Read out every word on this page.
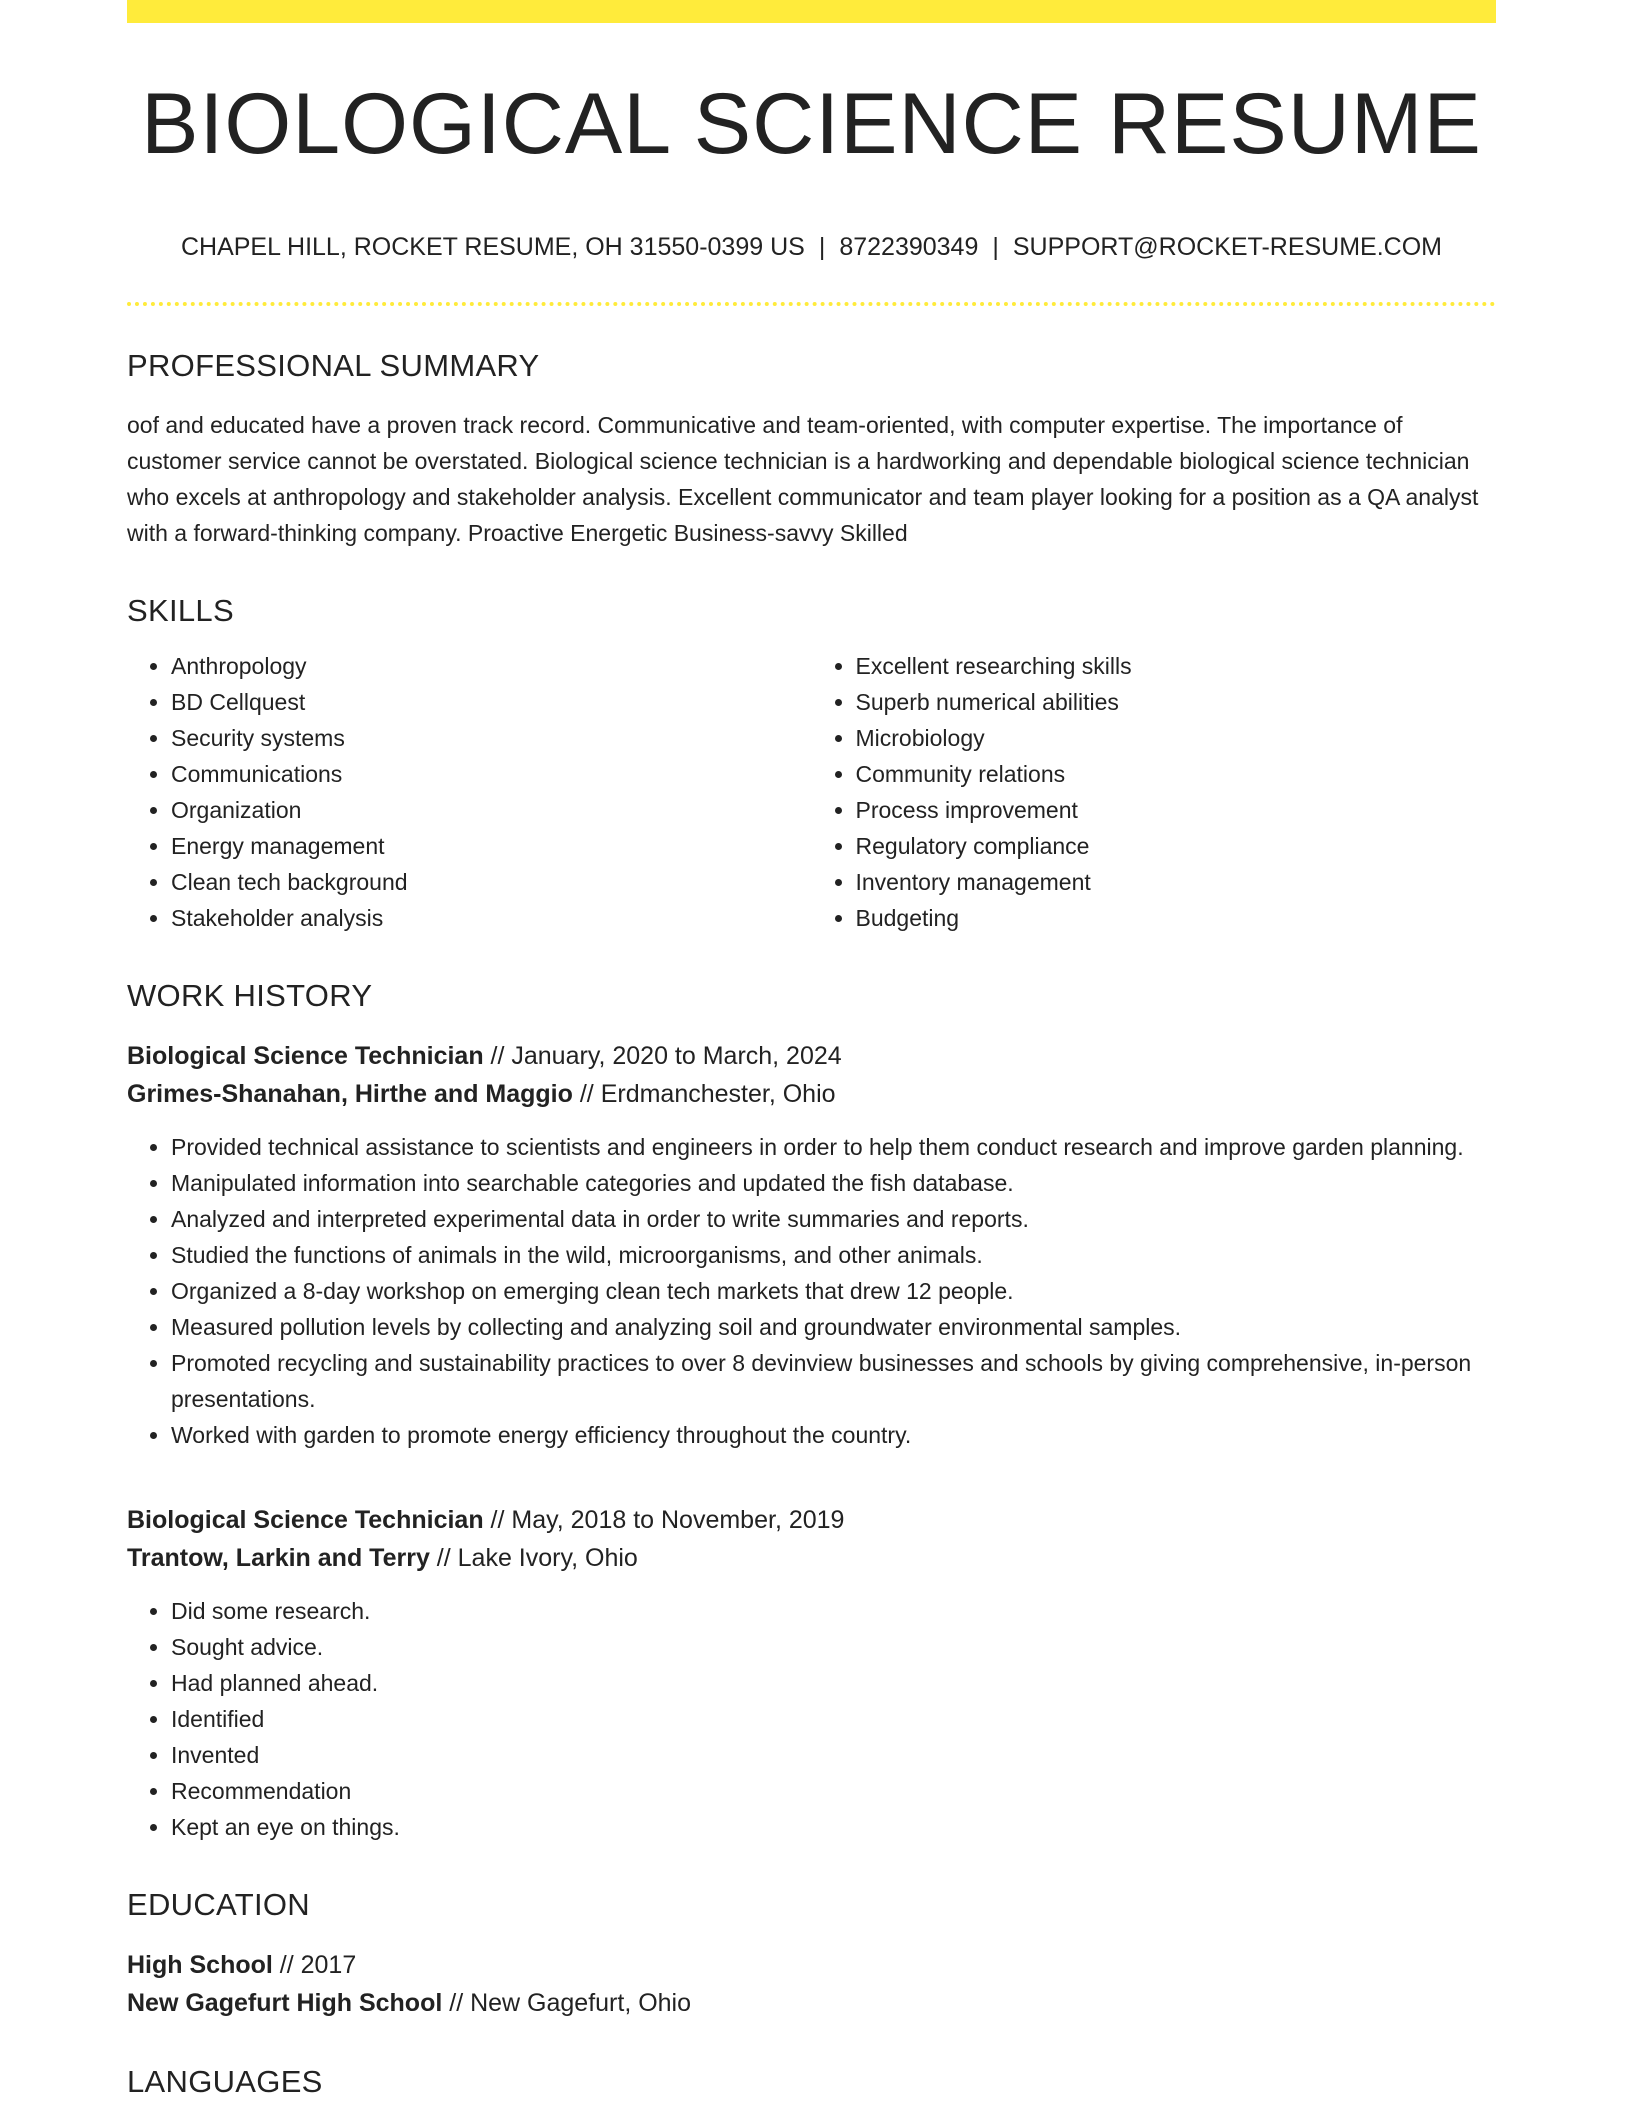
BIOLOGICAL SCIENCE RESUME
CHAPEL HILL, ROCKET RESUME, OH 31550-0399 US | 8722390349 | SUPPORT@ROCKET-RESUME.COM
PROFESSIONAL SUMMARY
oof and educated have a proven track record. Communicative and team-oriented, with computer expertise. The importance of customer service cannot be overstated. Biological science technician is a hardworking and dependable biological science technician who excels at anthropology and stakeholder analysis. Excellent communicator and team player looking for a position as a QA analyst with a forward-thinking company. Proactive Energetic Business-savvy Skilled
SKILLS
• Anthropology
• BD Cellquest
• Security systems
• Communications
• Organization
• Energy management
• Clean tech background
• Stakeholder analysis
• Excellent researching skills
• Superb numerical abilities
• Microbiology
• Community relations
• Process improvement
• Regulatory compliance
• Inventory management
• Budgeting
WORK HISTORY
Biological Science Technician // January, 2020 to March, 2024
Grimes-Shanahan, Hirthe and Maggio // Erdmanchester, Ohio
• Provided technical assistance to scientists and engineers in order to help them conduct research and improve garden planning.
• Manipulated information into searchable categories and updated the fish database.
• Analyzed and interpreted experimental data in order to write summaries and reports.
• Studied the functions of animals in the wild, microorganisms, and other animals.
• Organized a 8-day workshop on emerging clean tech markets that drew 12 people.
• Measured pollution levels by collecting and analyzing soil and groundwater environmental samples.
• Promoted recycling and sustainability practices to over 8 devinview businesses and schools by giving comprehensive, in-person presentations.
• Worked with garden to promote energy efficiency throughout the country.
Biological Science Technician // May, 2018 to November, 2019
Trantow, Larkin and Terry // Lake Ivory, Ohio
• Did some research.
• Sought advice.
• Had planned ahead.
• Identified
• Invented
• Recommendation
• Kept an eye on things.
EDUCATION
High School // 2017
New Gagefurt High School // New Gagefurt, Ohio
LANGUAGES
